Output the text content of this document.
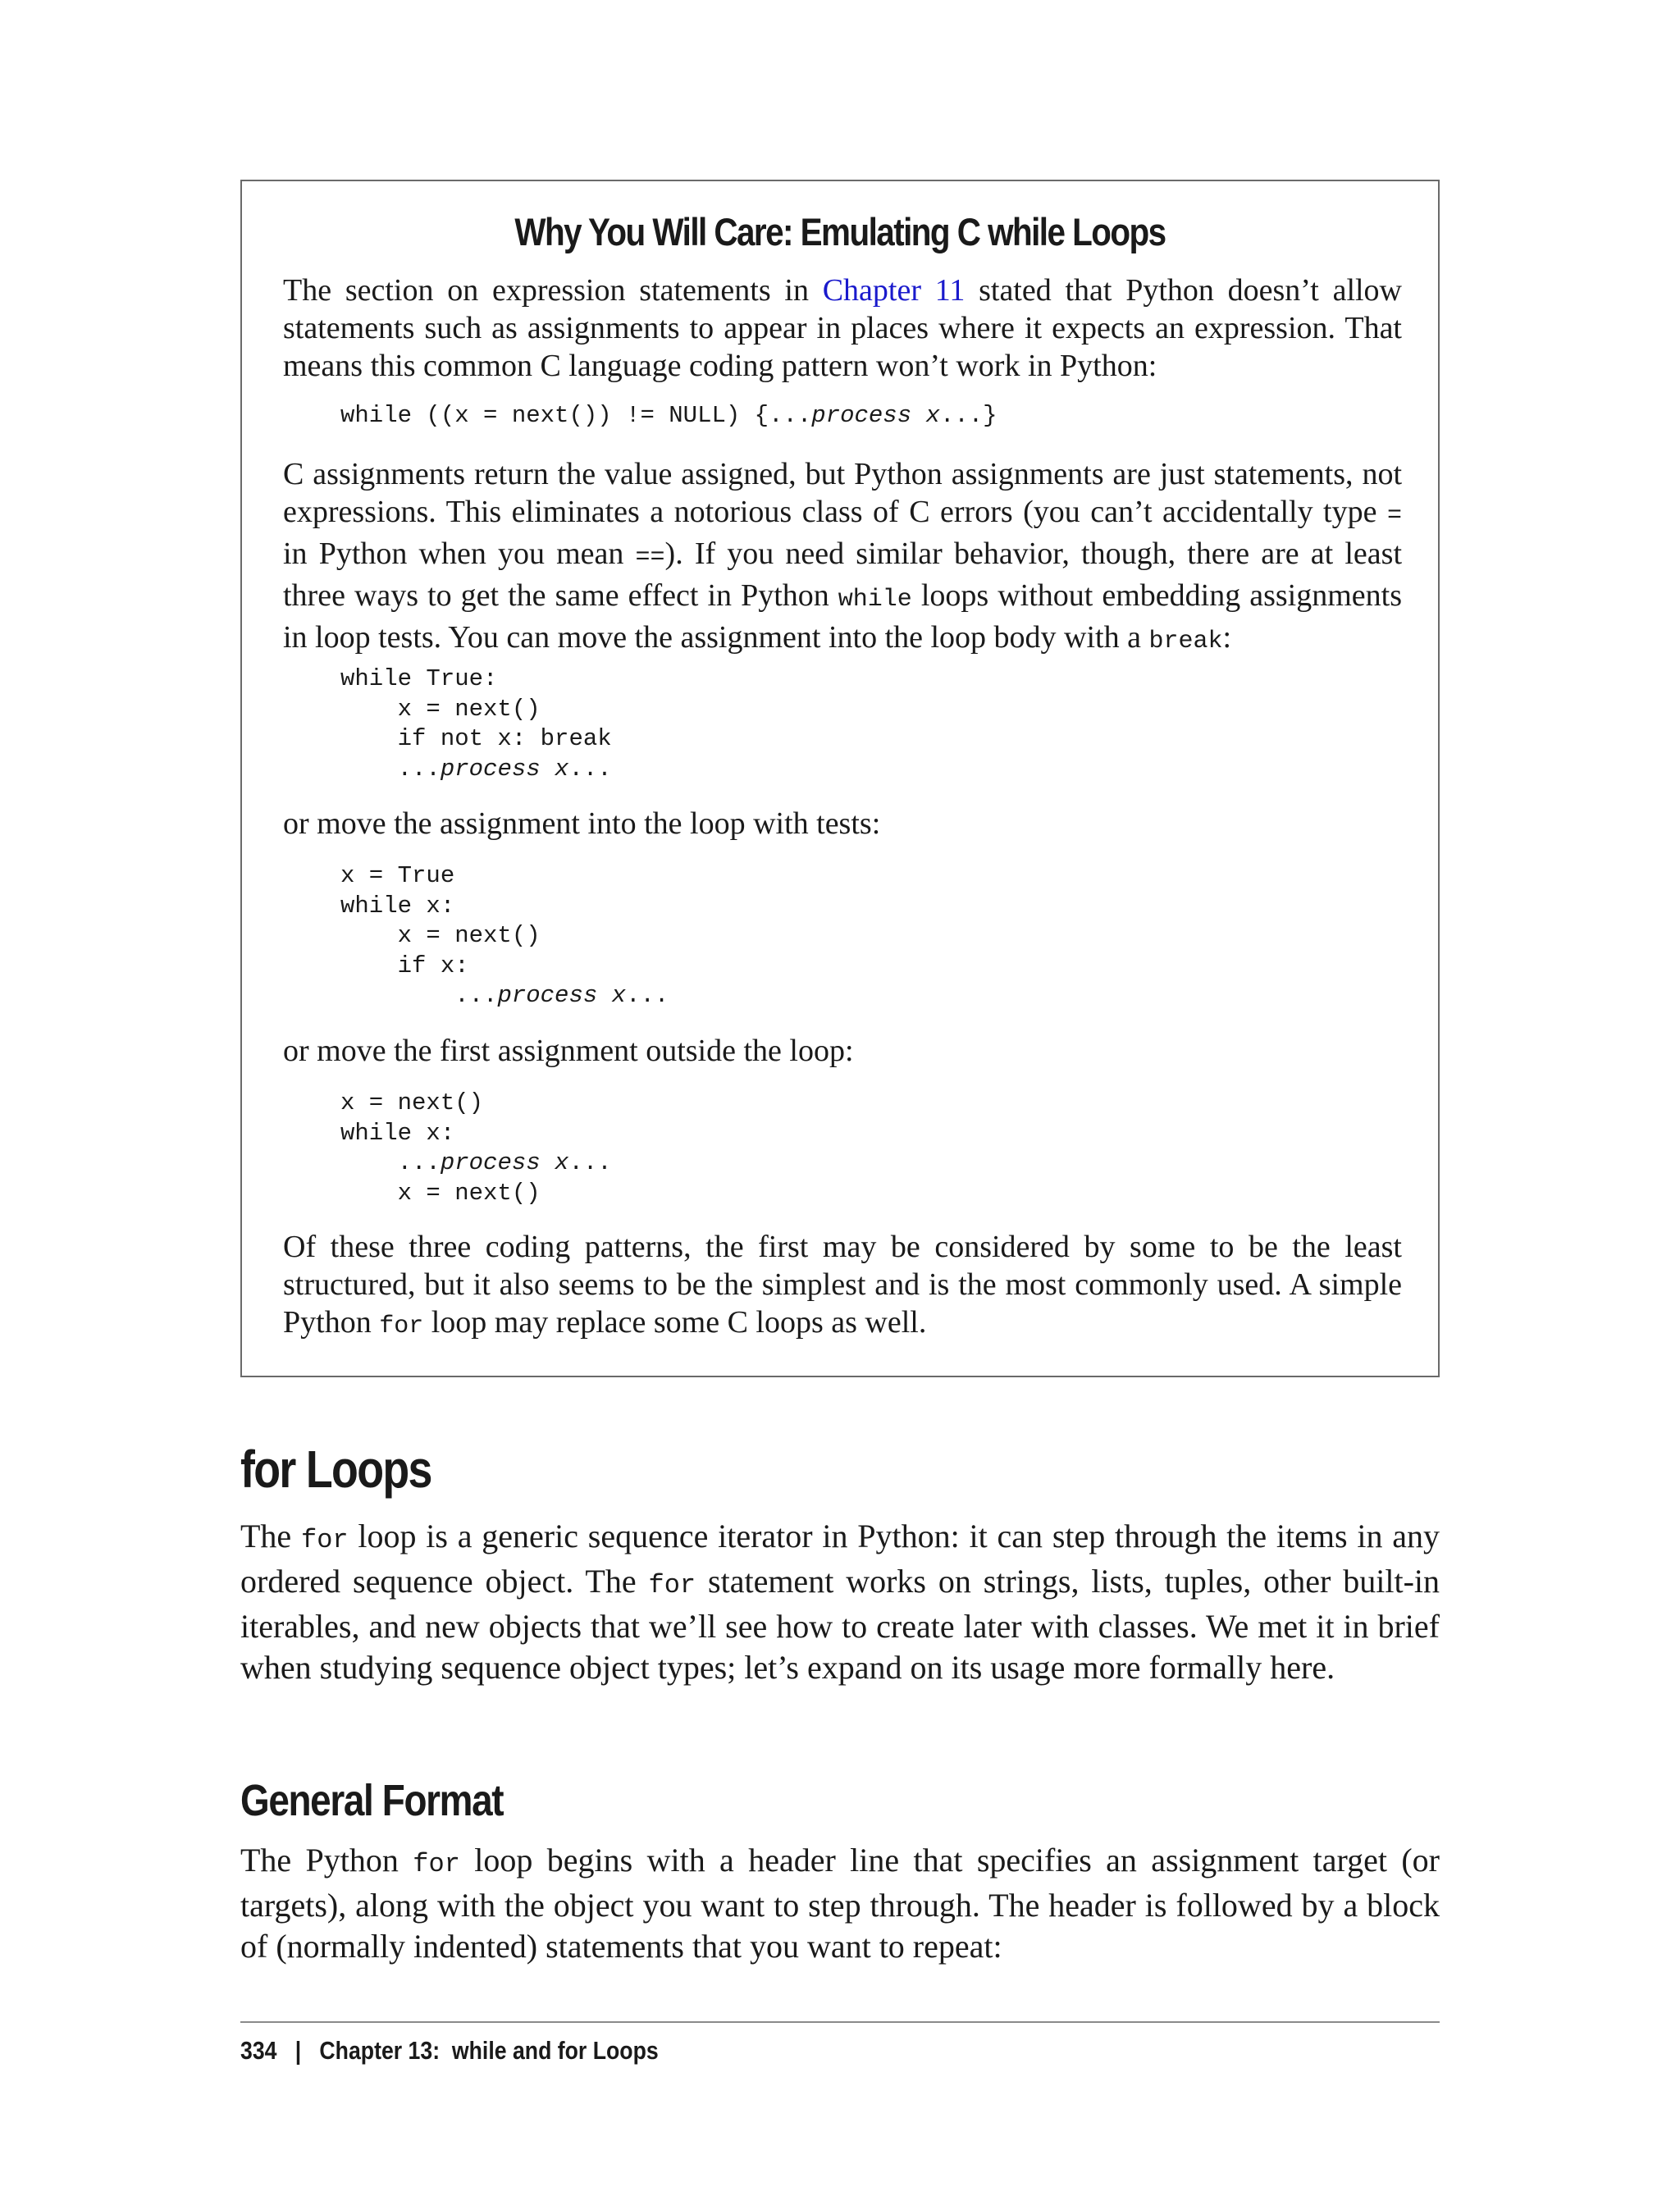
Why You Will Care: Emulating C while Loops

The section on expression statements in Chapter 11 stated that Python doesn’t allow statements such as assignments to appear in places where it expects an expression. That means this common C language coding pattern won’t work in Python:

while ((x = next()) != NULL) {...process x...}

C assignments return the value assigned, but Python assignments are just statements, not expressions. This eliminates a notorious class of C errors (you can’t accidentally type = in Python when you mean ==). If you need similar behavior, though, there are at least three ways to get the same effect in Python while loops without embedding assignments in loop tests. You can move the assignment into the loop body with a break:

while True:
x = next()
if not x: break
...process x...

or move the assignment into the loop with tests:

x = True
while x:
x = next()
if x:
...process x...

or move the first assignment outside the loop:

x = next()
while x:
...process x...
x = next()

Of these three coding patterns, the first may be considered by some to be the least structured, but it also seems to be the simplest and is the most commonly used. A simple Python for loop may replace some C loops as well.

for Loops

The for loop is a generic sequence iterator in Python: it can step through the items in any ordered sequence object. The for statement works on strings, lists, tuples, other built-in iterables, and new objects that we’ll see how to create later with classes. We met it in brief when studying sequence object types; let’s expand on its usage more formally here.

General Format

The Python for loop begins with a header line that specifies an assignment target (or targets), along with the object you want to step through. The header is followed by a block of (normally indented) statements that you want to repeat:

334 | Chapter 13:  while and for Loops
